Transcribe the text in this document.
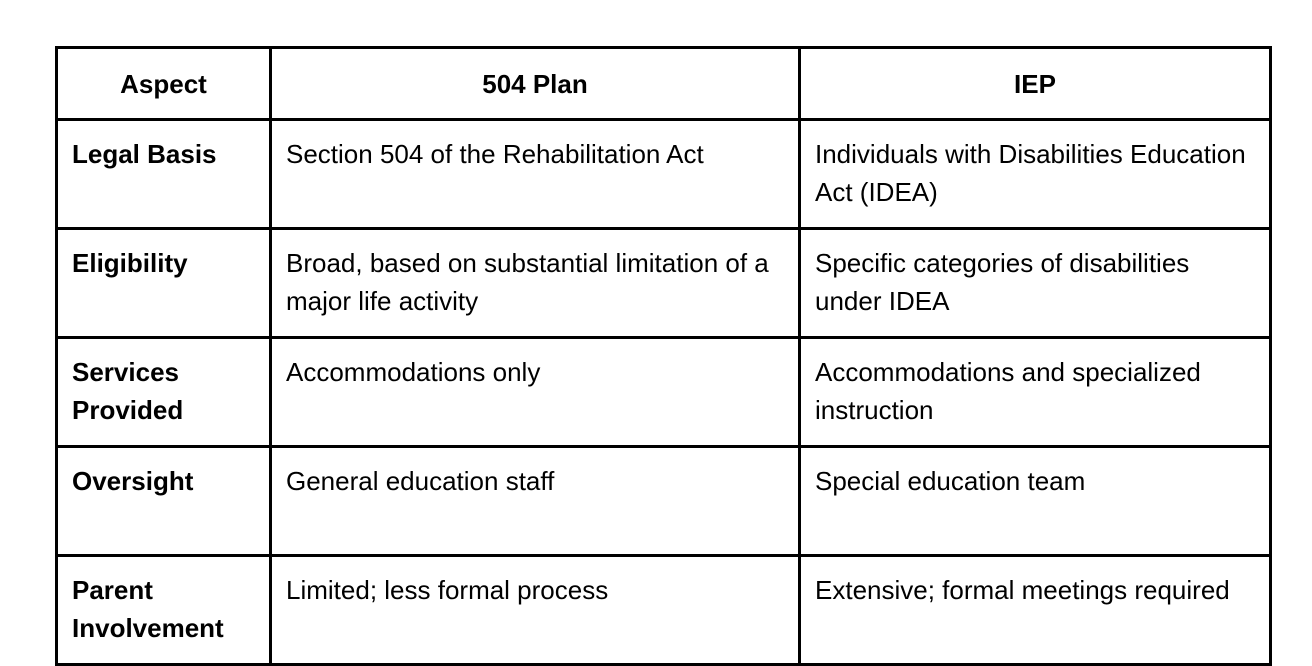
Aspect	504 Plan	IEP
Legal Basis	Section 504 of the Rehabilitation Act	Individuals with Disabilities Education Act (IDEA)
Eligibility	Broad, based on substantial limitation of a major life activity	Specific categories of disabilities under IDEA
Services Provided	Accommodations only	Accommodations and specialized instruction
Oversight	General education staff	Special education team
Parent Involvement	Limited; less formal process	Extensive; formal meetings required
